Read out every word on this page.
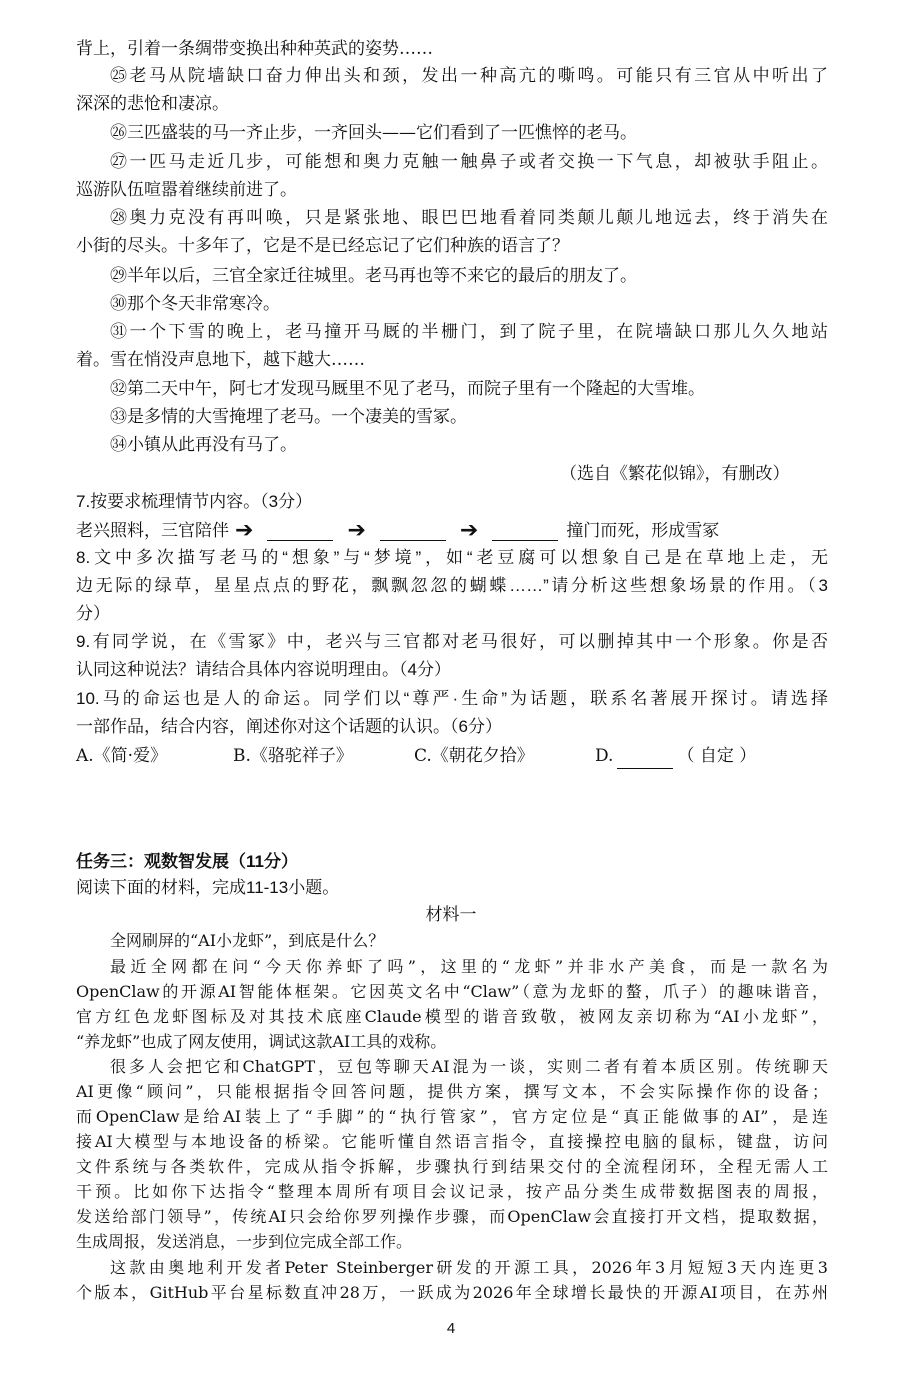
背上，引着一条绸带变换出种种英武的姿势……
㉕老马从院墙缺口奋力伸出头和颈，发出一种高亢的嘶鸣。可能只有三官从中听出了
深深的悲怆和凄凉。
㉖三匹盛装的马一齐止步，一齐回头——它们看到了一匹憔悴的老马。
㉗一匹马走近几步，可能想和奥力克触一触鼻子或者交换一下气息，却被驮手阻止。
巡游队伍喧嚣着继续前进了。
㉘奥力克没有再叫唤，只是紧张地、眼巴巴地看着同类颠儿颠儿地远去，终于消失在
小街的尽头。十多年了，它是不是已经忘记了它们种族的语言了？
㉙半年以后，三官全家迁往城里。老马再也等不来它的最后的朋友了。
㉚那个冬天非常寒冷。
㉛一个下雪的晚上，老马撞开马厩的半栅门，到了院子里，在院墙缺口那儿久久地站
着。雪在悄没声息地下，越下越大……
㉜第二天中午，阿七才发现马厩里不见了老马，而院子里有一个隆起的大雪堆。
㉝是多情的大雪掩埋了老马。一个凄美的雪冢。
㉞小镇从此再没有马了。
（选自《繁花似锦》，有删改）
7.按要求梳理情节内容。（3分）
老兴照料，三官陪伴 ➔	➔	➔	撞门而死，形成雪冢
8.文中多次描写老马的“想象”与“梦境”，如“老豆腐可以想象自己是在草地上走，无
边无际的绿草，星星点点的野花，飘飘忽忽的蝴蝶……”请分析这些想象场景的作用。（3
分）
9.有同学说，在《雪冢》中，老兴与三官都对老马很好，可以删掉其中一个形象。你是否
认同这种说法？请结合具体内容说明理由。（4分）
10.马的命运也是人的命运。同学们以“尊严·生命”为话题，联系名著展开探讨。请选择
一部作品，结合内容，阐述你对这个话题的认识。（6分）
A.《简·爱》	B.《骆驼祥子》	C.《朝花夕拾》	D.	（ 自定 ）
任务三：观数智发展（11分）
阅读下面的材料，完成11-13小题。
材料一
全网刷屏的“AI小龙虾”，到底是什么？
最近全网都在问“今天你养虾了吗”，这里的“龙虾”并非水产美食，而是一款名为
OpenClaw的开源AI智能体框架。它因英文名中“Claw”（意为龙虾的螯，爪子）的趣味谐音，
官方红色龙虾图标及对其技术底座Claude模型的谐音致敬，被网友亲切称为“AI小龙虾”，
“养龙虾”也成了网友使用，调试这款AI工具的戏称。
很多人会把它和ChatGPT，豆包等聊天AI混为一谈，实则二者有着本质区别。传统聊天
AI更像“顾问”，只能根据指令回答问题，提供方案，撰写文本，不会实际操作你的设备；
而OpenClaw是给AI装上了“手脚”的“执行管家”，官方定位是“真正能做事的AI”，是连
接AI大模型与本地设备的桥梁。它能听懂自然语言指令，直接操控电脑的鼠标，键盘，访问
文件系统与各类软件，完成从指令拆解，步骤执行到结果交付的全流程闭环，全程无需人工
干预。比如你下达指令“整理本周所有项目会议记录，按产品分类生成带数据图表的周报，
发送给部门领导”，传统AI只会给你罗列操作步骤，而OpenClaw会直接打开文档，提取数据，
生成周报，发送消息，一步到位完成全部工作。
这款由奥地利开发者Peter Steinberger研发的开源工具，2026年3月短短3天内连更3
个版本，GitHub平台星标数直冲28万，一跃成为2026年全球增长最快的开源AI项目，在苏州
4
